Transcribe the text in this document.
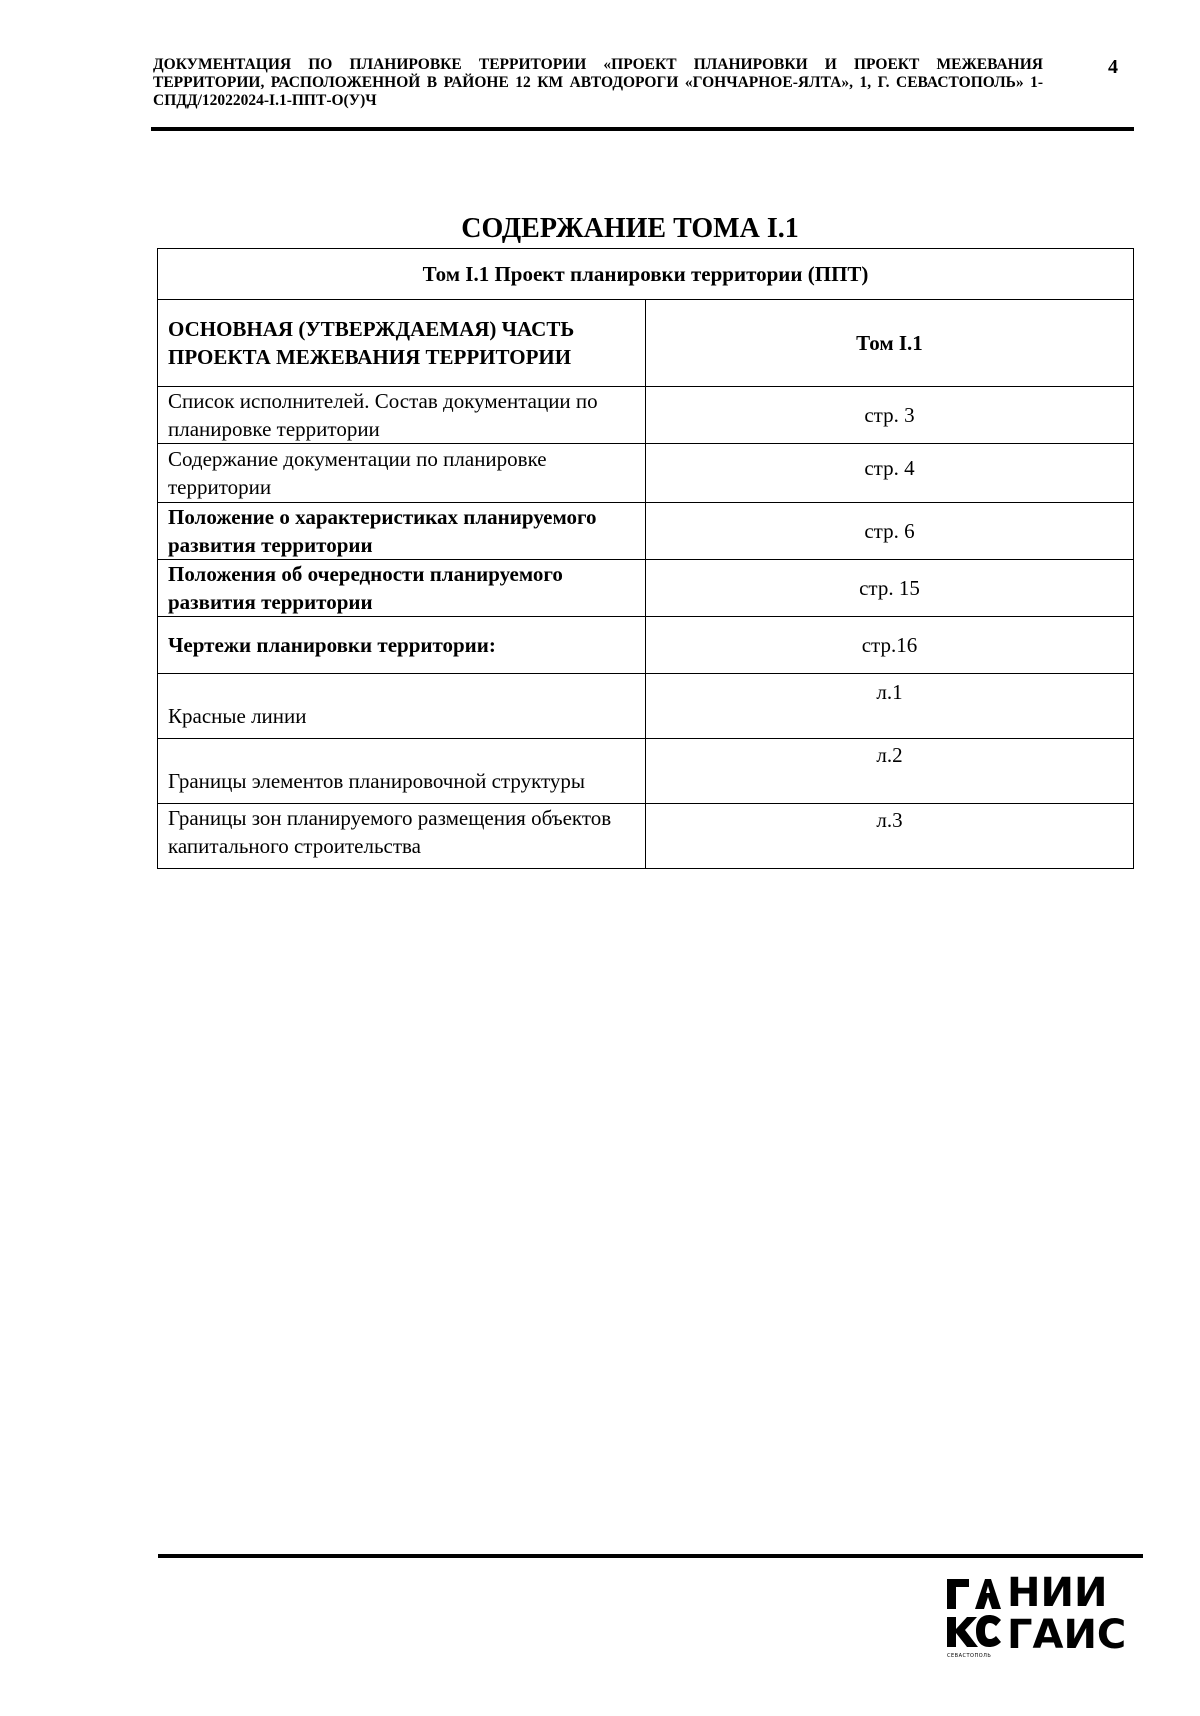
ДОКУМЕНТАЦИЯ ПО ПЛАНИРОВКЕ ТЕРРИТОРИИ «ПРОЕКТ ПЛАНИРОВКИ И ПРОЕКТ МЕЖЕВАНИЯ ТЕРРИТОРИИ, РАСПОЛОЖЕННОЙ В РАЙОНЕ 12 КМ АВТОДОРОГИ «ГОНЧАРНОЕ-ЯЛТА», 1, Г. СЕВАСТОПОЛЬ» 1-СПДД/12022024-I.1-ППТ-О(У)Ч
4
СОДЕРЖАНИЕ ТОМА I.1
Том I.1 Проект планировки территории (ППТ)	

ОСНОВНАЯ (УТВЕРЖДАЕМАЯ) ЧАСТЬ
ПРОЕКТА МЕЖЕВАНИЯ ТЕРРИТОРИИ	Том I.1
Список исполнителей. Состав документации по планировке территории	стр. 3
Содержание документации по планировке территории	стр. 4
Положение о характеристиках планируемого развития территории	стр. 6
Положения об очередности планируемого развития территории	стр. 15
Чертежи планировки территории:	стр.16
Красные линии	л.1
Границы элементов планировочной структуры	л.2
Границы зон планируемого размещения объектов капитального строительства	л.3
НИИ
ГАИС
СЕВАСТОПОЛЬ
